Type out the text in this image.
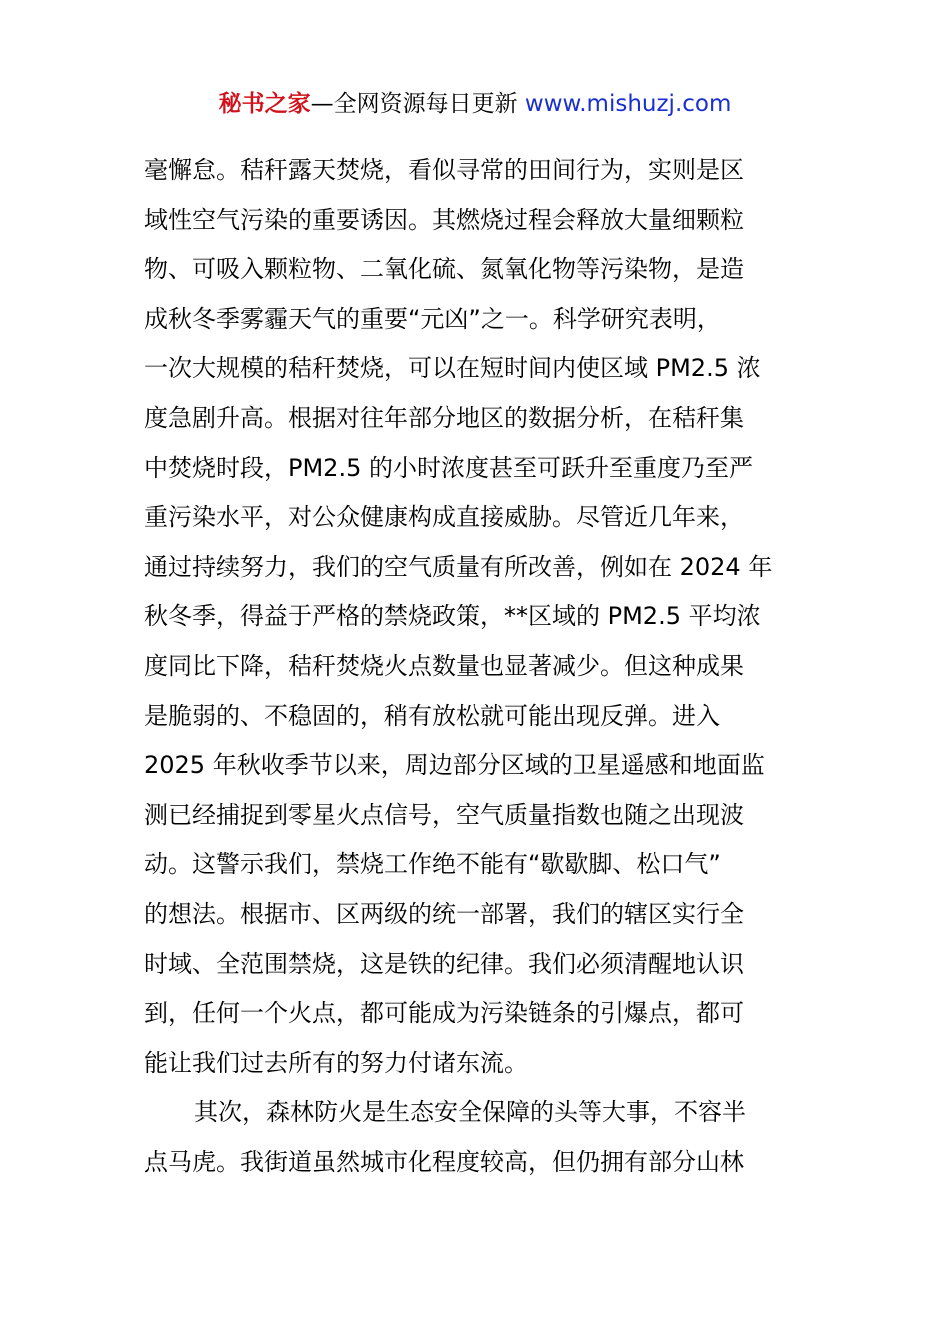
秘书之家—全网资源每日更新 www.mishuzj.com
毫懈怠。秸秆露天焚烧，看似寻常的田间行为，实则是区
域性空气污染的重要诱因。其燃烧过程会释放大量细颗粒
物、可吸入颗粒物、二氧化硫、氮氧化物等污染物，是造
成秋冬季雾霾天气的重要“元凶”之一。科学研究表明，
一次大规模的秸秆焚烧，可以在短时间内使区域 PM2.5 浓
度急剧升高。根据对往年部分地区的数据分析，在秸秆集
中焚烧时段，PM2.5 的小时浓度甚至可跃升至重度乃至严
重污染水平，对公众健康构成直接威胁。尽管近几年来，
通过持续努力，我们的空气质量有所改善，例如在 2024 年
秋冬季，得益于严格的禁烧政策，**区域的 PM2.5 平均浓
度同比下降，秸秆焚烧火点数量也显著减少。但这种成果
是脆弱的、不稳固的，稍有放松就可能出现反弹。进入
2025 年秋收季节以来，周边部分区域的卫星遥感和地面监
测已经捕捉到零星火点信号，空气质量指数也随之出现波
动。这警示我们，禁烧工作绝不能有“歇歇脚、松口气”
的想法。根据市、区两级的统一部署，我们的辖区实行全
时域、全范围禁烧，这是铁的纪律。我们必须清醒地认识
到，任何一个火点，都可能成为污染链条的引爆点，都可
能让我们过去所有的努力付诸东流。
其次，森林防火是生态安全保障的头等大事，不容半
点马虎。我街道虽然城市化程度较高，但仍拥有部分山林
